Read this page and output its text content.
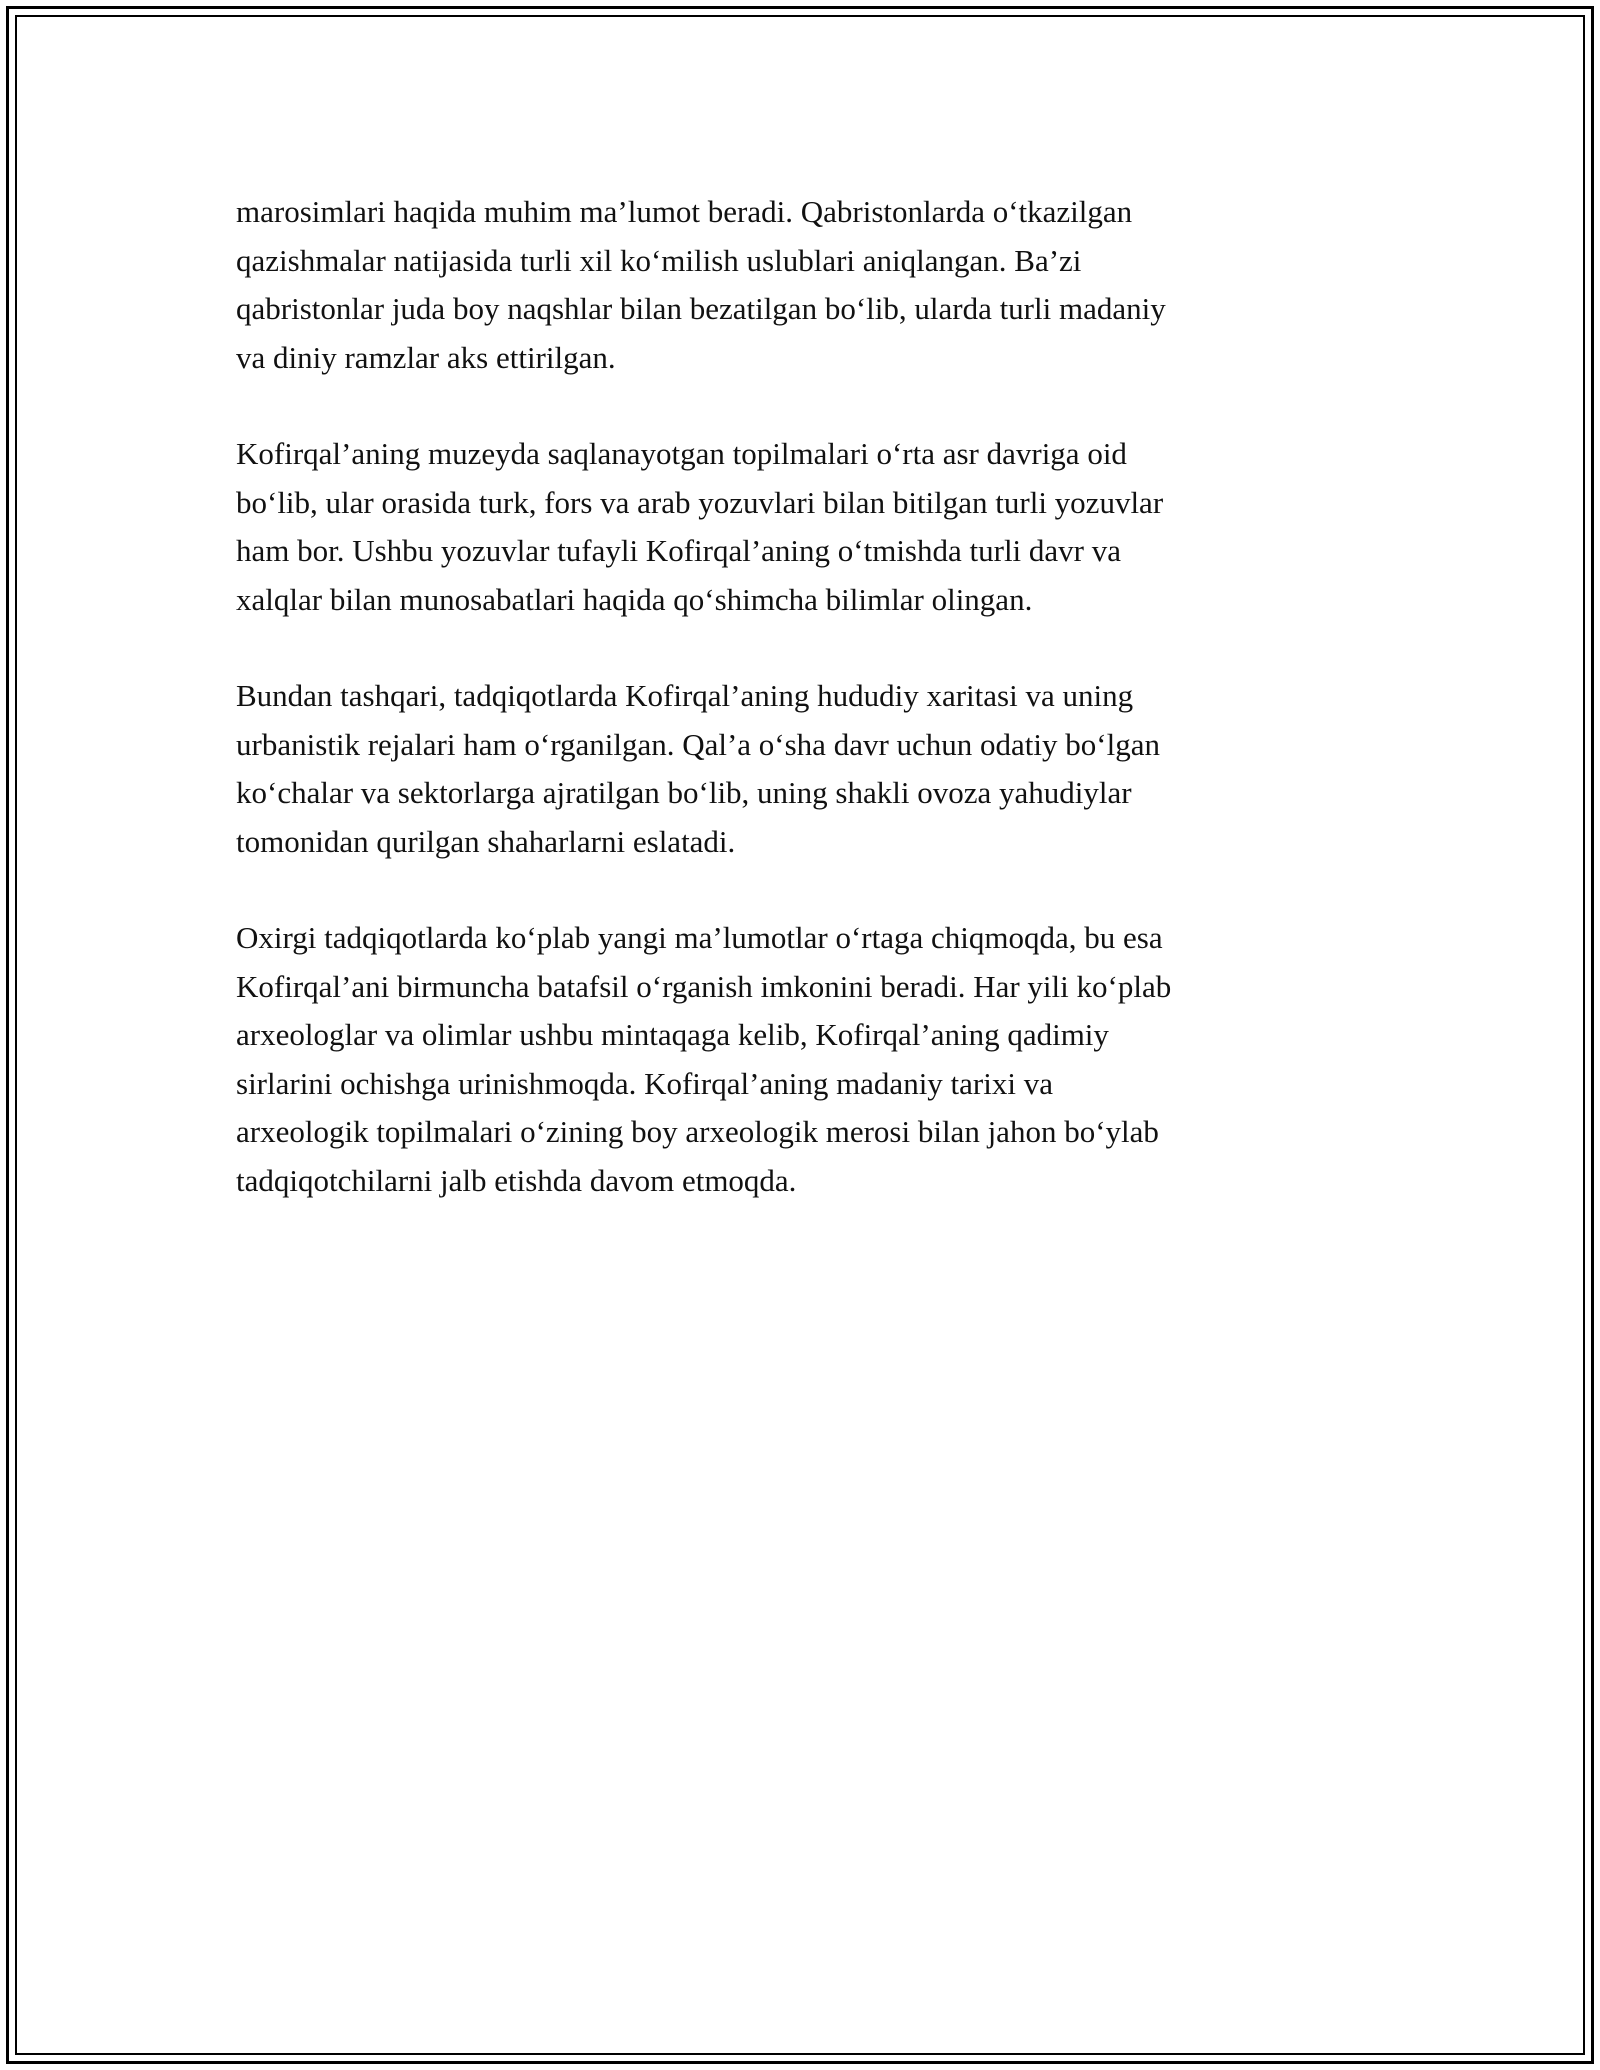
marosimlari haqida muhim ma’lumot beradi. Qabristonlarda o‘tkazilgan
qazishmalar natijasida turli xil ko‘milish uslublari aniqlangan. Ba’zi
qabristonlar juda boy naqshlar bilan bezatilgan bo‘lib, ularda turli madaniy
va diniy ramzlar aks ettirilgan.

Kofirqal’aning muzeyda saqlanayotgan topilmalari o‘rta asr davriga oid
bo‘lib, ular orasida turk, fors va arab yozuvlari bilan bitilgan turli yozuvlar
ham bor. Ushbu yozuvlar tufayli Kofirqal’aning o‘tmishda turli davr va
xalqlar bilan munosabatlari haqida qo‘shimcha bilimlar olingan.

Bundan tashqari, tadqiqotlarda Kofirqal’aning hududiy xaritasi va uning
urbanistik rejalari ham o‘rganilgan. Qal’a o‘sha davr uchun odatiy bo‘lgan
ko‘chalar va sektorlarga ajratilgan bo‘lib, uning shakli ovoza yahudiylar
tomonidan qurilgan shaharlarni eslatadi.

Oxirgi tadqiqotlarda ko‘plab yangi ma’lumotlar o‘rtaga chiqmoqda, bu esa
Kofirqal’ani birmuncha batafsil o‘rganish imkonini beradi. Har yili ko‘plab
arxeologlar va olimlar ushbu mintaqaga kelib, Kofirqal’aning qadimiy
sirlarini ochishga urinishmoqda. Kofirqal’aning madaniy tarixi va
arxeologik topilmalari o‘zining boy arxeologik merosi bilan jahon bo‘ylab
tadqiqotchilarni jalb etishda davom etmoqda.
